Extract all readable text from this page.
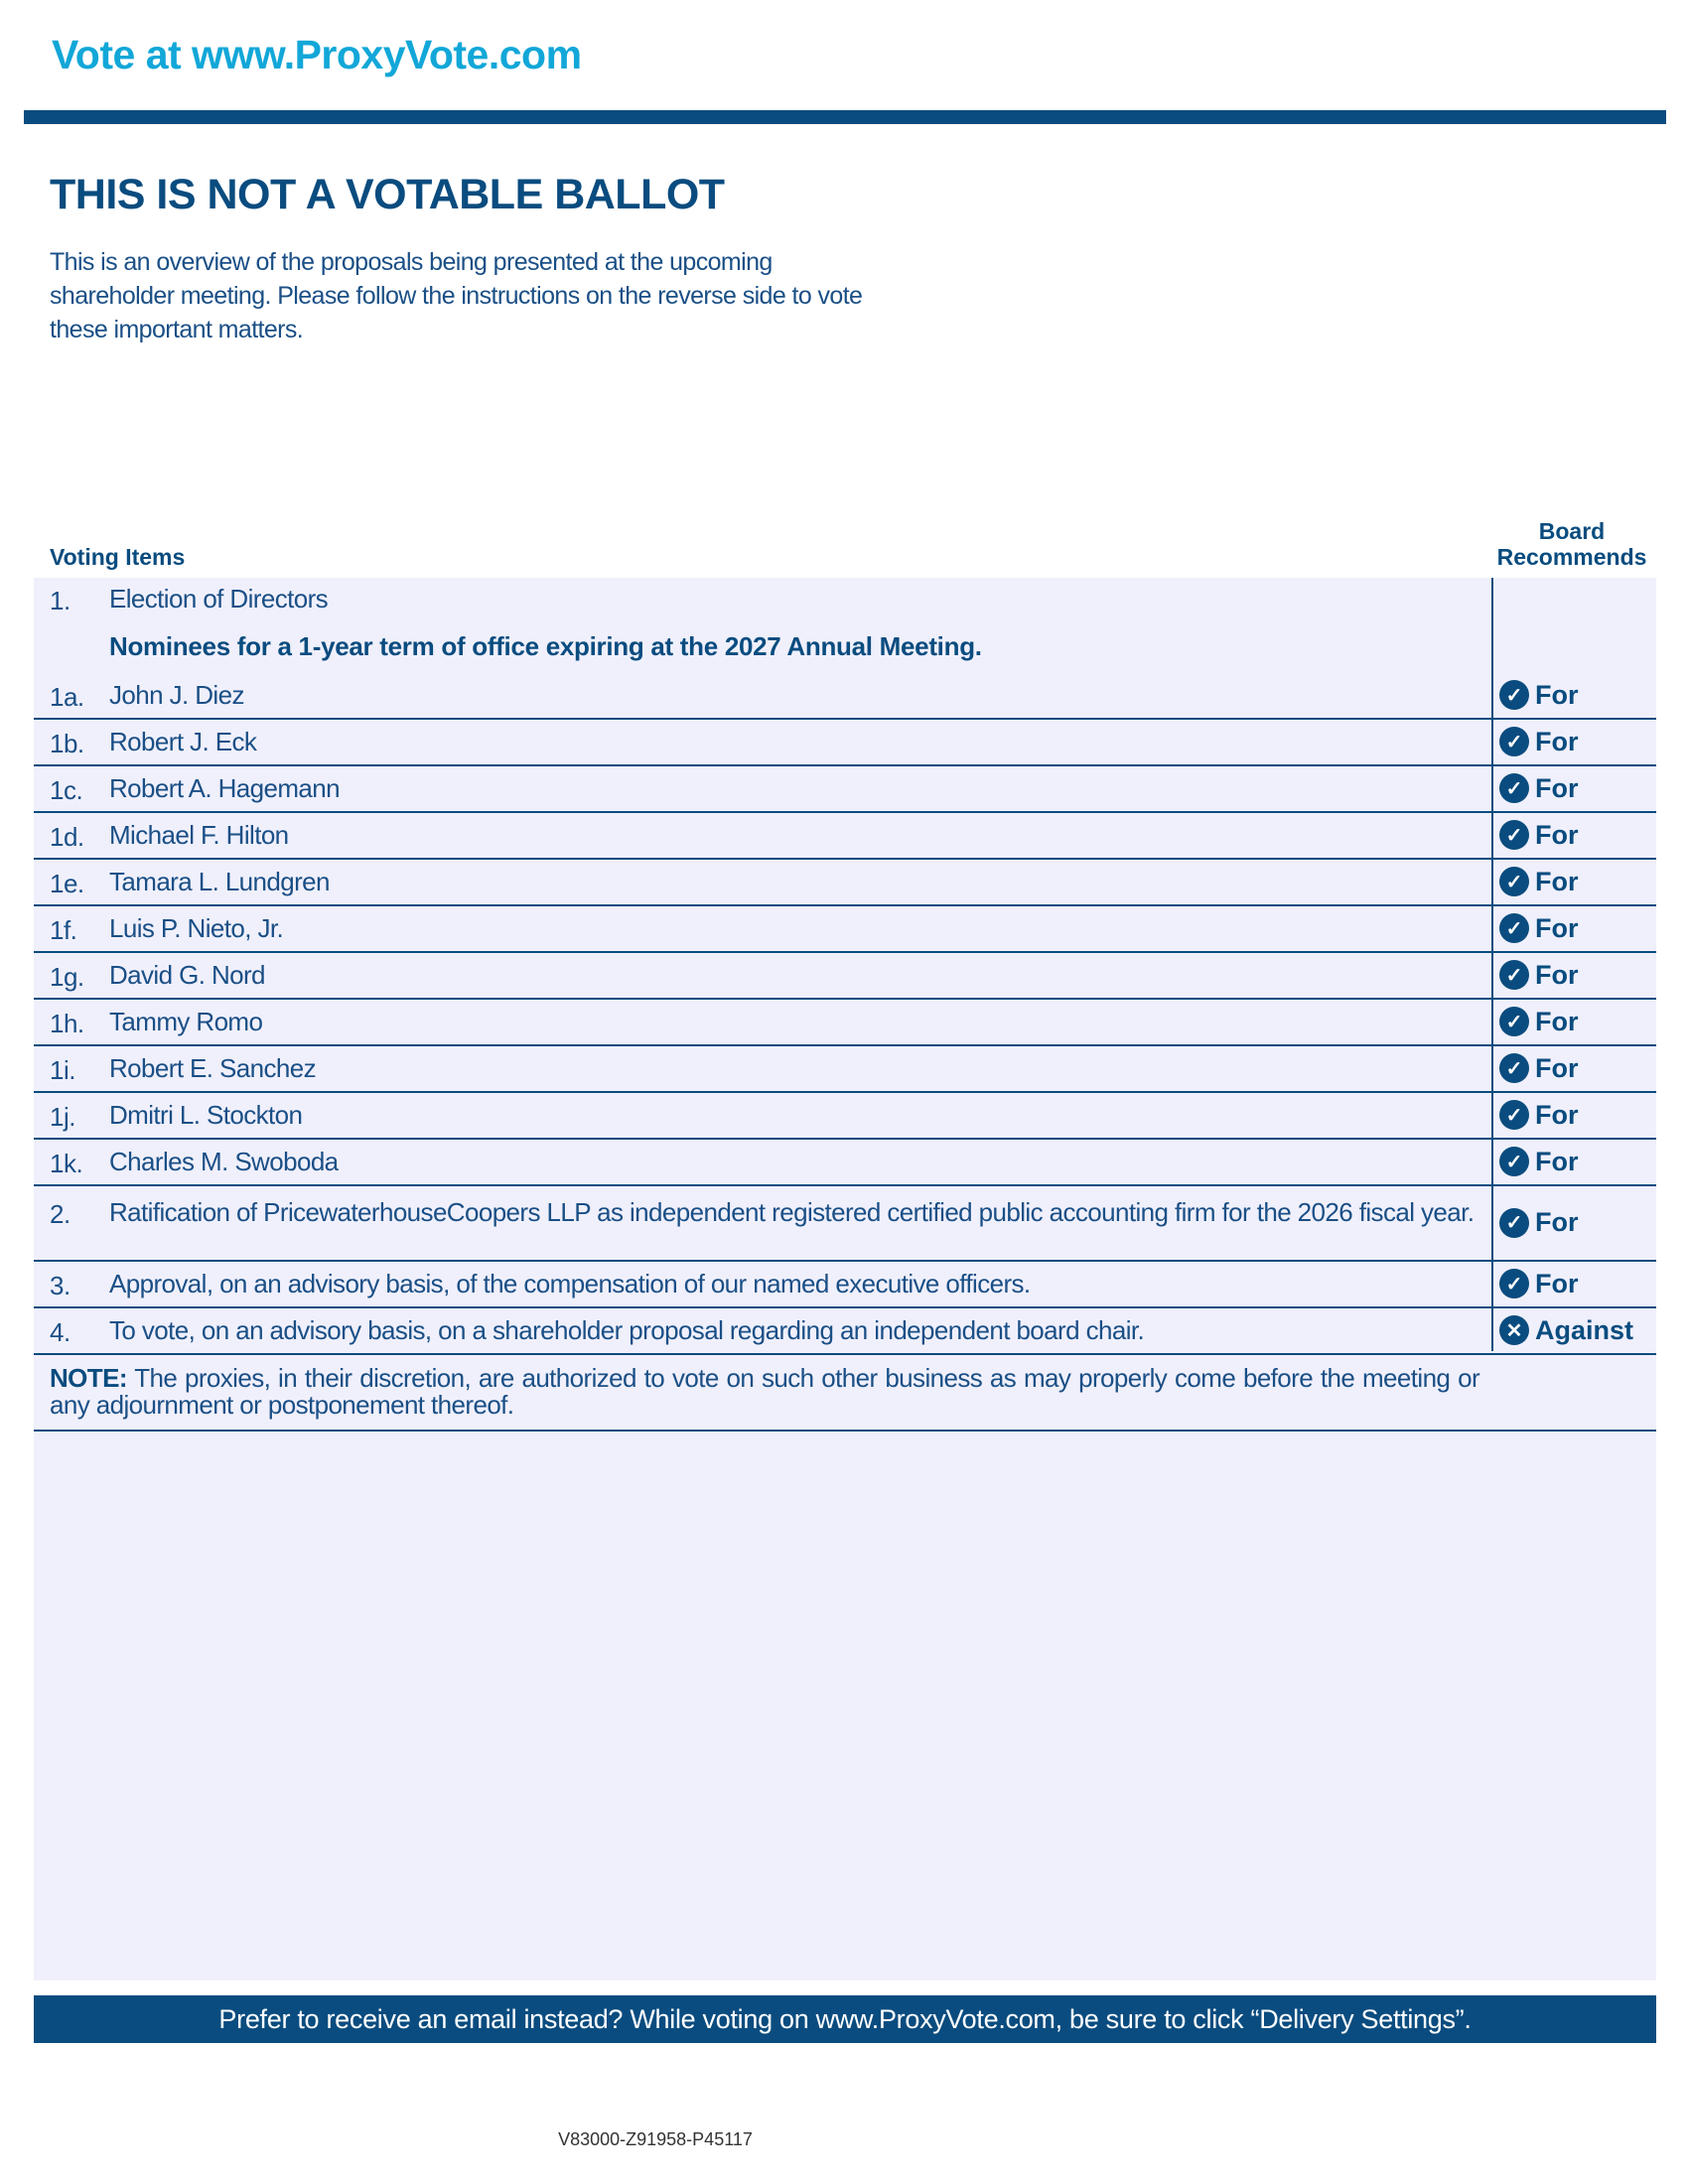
Vote at www.ProxyVote.com
THIS IS NOT A VOTABLE BALLOT
This is an overview of the proposals being presented at the upcoming shareholder meeting. Please follow the instructions on the reverse side to vote these important matters.
Voting Items
Board
Recommends
1. Election of Directors
Nominees for a 1-year term of office expiring at the 2027 Annual Meeting.
1a. John J. Diez	✓ For
1b. Robert J. Eck	✓ For
1c. Robert A. Hagemann	✓ For
1d. Michael F. Hilton	✓ For
1e. Tamara L. Lundgren	✓ For
1f. Luis P. Nieto, Jr.	✓ For
1g. David G. Nord	✓ For
1h. Tammy Romo	✓ For
1i. Robert E. Sanchez	✓ For
1j. Dmitri L. Stockton	✓ For
1k. Charles M. Swoboda	✓ For
2. Ratification of PricewaterhouseCoopers LLP as independent registered certified public accounting firm for the 2026 fiscal year.	✓ For
3. Approval, on an advisory basis, of the compensation of our named executive officers.	✓ For
4. To vote, on an advisory basis, on a shareholder proposal regarding an independent board chair.	✕ Against
NOTE: The proxies, in their discretion, are authorized to vote on such other business as may properly come before the meeting or any adjournment or postponement thereof.
Prefer to receive an email instead? While voting on www.ProxyVote.com, be sure to click “Delivery Settings”.
V83000-Z91958-P45117
